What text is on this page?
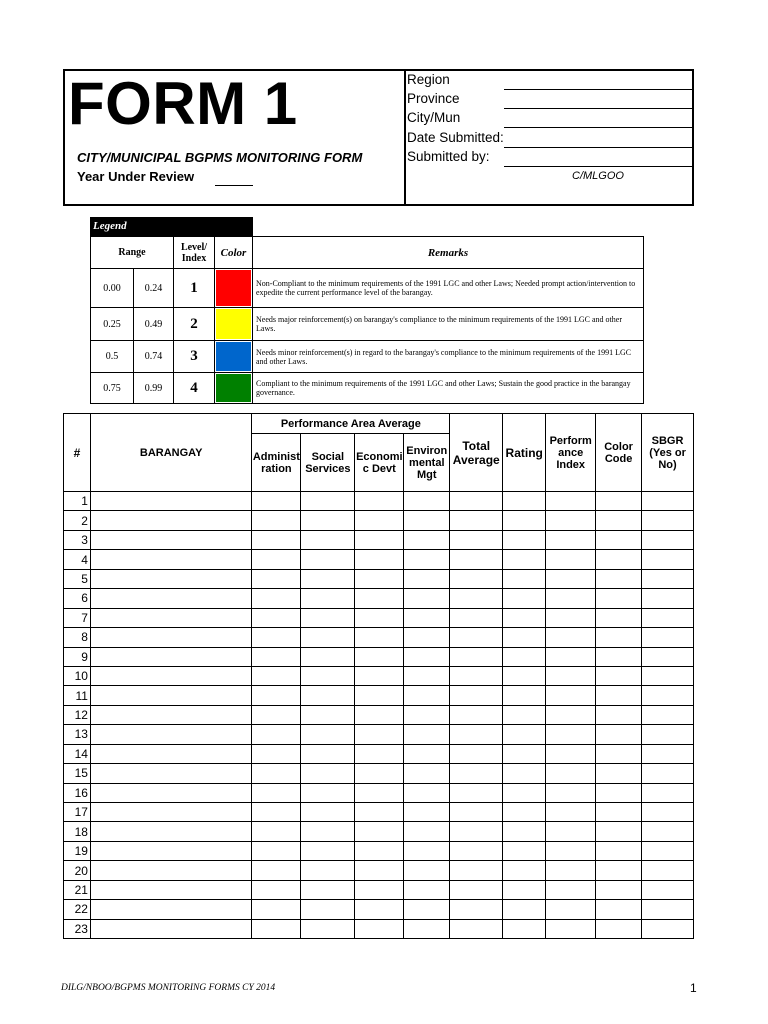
FORM 1
CITY/MUNICIPAL BGPMS MONITORING FORM
Year Under Review
Region
Province
City/Mun
Date Submitted:
Submitted by:
C/MLGOO
Legend
Range		Level/ Index	Color	Remarks
0.00	0.24	1		Non-Compliant to the minimum requirements of the 1991 LGC and other Laws; Needed prompt action/intervention to expedite the current performance level of the barangay.
0.25	0.49	2		Needs major reinforcement(s) on barangay's compliance to the minimum requirements of the 1991 LGC and other Laws.
0.5	0.74	3		Needs minor reinforcement(s) in regard to the barangay's compliance to the minimum requirements of the 1991 LGC and other Laws.
0.75	0.99	4		Compliant to the minimum requirements of the 1991 LGC and other Laws; Sustain the good practice in the barangay governance.
#	BARANGAY	Performance Area Average				Total Average	Rating	Perform ance Index	Color Code	SBGR (Yes or No)
		Administ ration	Social Services	Economi c Devt	Environ mental Mgt					
1										
2										
3										
4										
5										
6										
7										
8										
9										
10										
11										
12										
13										
14										
15										
16										
17										
18										
19										
20										
21										
22										
23										
DILG/NBOO/BGPMS MONITORING FORMS CY 2014	1
